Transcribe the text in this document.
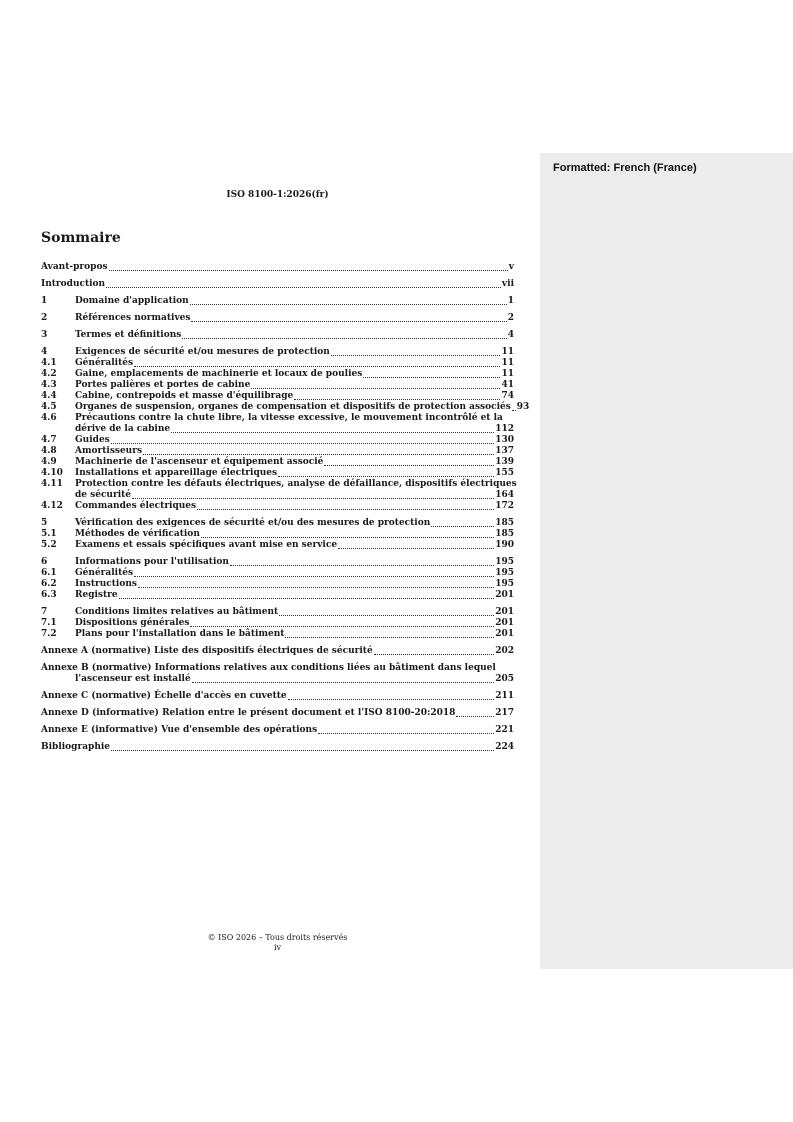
Formatted: French (France)
ISO 8100-1:2026(fr)
Sommaire
Avant-propos	v
Introduction	vii
1	Domaine d'application	1
2	Références normatives	2
3	Termes et définitions	4
4	Exigences de sécurité et/ou mesures de protection	11
4.1	Généralités	11
4.2	Gaine, emplacements de machinerie et locaux de poulies	11
4.3	Portes palières et portes de cabine	41
4.4	Cabine, contrepoids et masse d'équilibrage	74
4.5	Organes de suspension, organes de compensation et dispositifs de protection associés 93
4.6	Précautions contre la chute libre, la vitesse excessive, le mouvement incontrôlé et la
dérive de la cabine	112
4.7	Guides	130
4.8	Amortisseurs	137
4.9	Machinerie de l'ascenseur et équipement associé	139
4.10	Installations et appareillage électriques	155
4.11	Protection contre les défauts électriques, analyse de défaillance, dispositifs électriques
de sécurité	164
4.12	Commandes électriques	172
5	Vérification des exigences de sécurité et/ou des mesures de protection	185
5.1	Méthodes de vérification	185
5.2	Examens et essais spécifiques avant mise en service	190
6	Informations pour l'utilisation	195
6.1	Généralités	195
6.2	Instructions	195
6.3	Registre	201
7	Conditions limites relatives au bâtiment	201
7.1	Dispositions générales	201
7.2	Plans pour l'installation dans le bâtiment	201
Annexe A (normative) Liste des dispositifs électriques de sécurité	202
Annexe B (normative) Informations relatives aux conditions liées au bâtiment dans lequel
l'ascenseur est installé	205
Annexe C (normative) Échelle d'accès en cuvette	211
Annexe D (informative) Relation entre le présent document et l'ISO 8100-20:2018	217
Annexe E (informative) Vue d'ensemble des opérations	221
Bibliographie	224
© ISO 2026 – Tous droits réservés
iv
